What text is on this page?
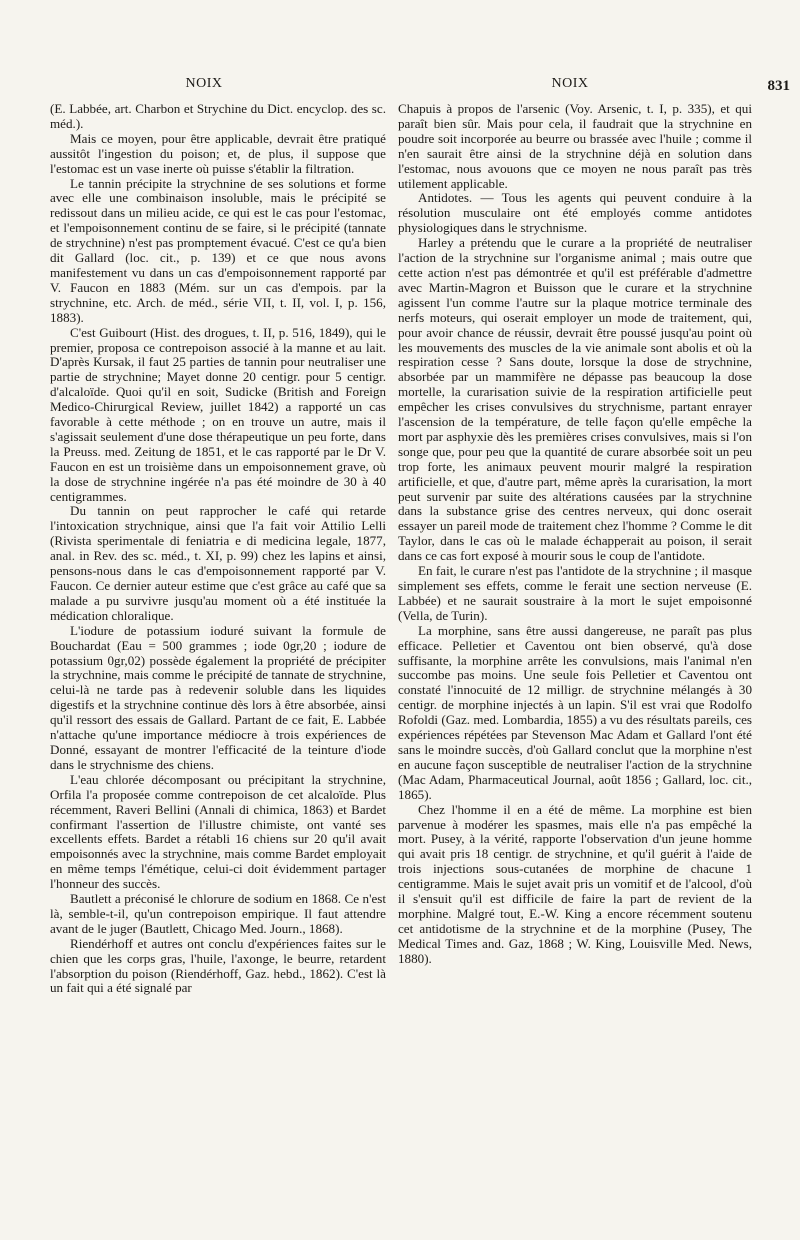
NOIX	NOIX	831

(E. Labbée, art. Charbon et Strychine du Dict. encyclop. des sc. méd.).

Mais ce moyen, pour être applicable, devrait être pratiqué aussitôt l'ingestion du poison; et, de plus, il suppose que l'estomac est un vase inerte où puisse s'établir la filtration.

Le tannin précipite la strychnine de ses solutions et forme avec elle une combinaison insoluble, mais le précipité se redissout dans un milieu acide, ce qui est le cas pour l'estomac, et l'empoisonnement continu de se faire, si le précipité (tannate de strychnine) n'est pas promptement évacué. C'est ce qu'a bien dit Gallard (loc. cit., p. 139) et ce que nous avons manifestement vu dans un cas d'empoisonnement rapporté par V. Faucon en 1883 (Mém. sur un cas d'empois. par la strychnine, etc. Arch. de méd., série VII, t. II, vol. I, p. 156, 1883).

C'est Guibourt (Hist. des drogues, t. II, p. 516, 1849), qui le premier, proposa ce contrepoison associé à la manne et au lait. D'après Kursak, il faut 25 parties de tannin pour neutraliser une partie de strychnine; Mayet donne 20 centigr. pour 5 centigr. d'alcaloïde. Quoi qu'il en soit, Sudicke (British and Foreign Medico-Chirurgical Review, juillet 1842) a rapporté un cas favorable à cette méthode ; on en trouve un autre, mais il s'agissait seulement d'une dose thérapeutique un peu forte, dans la Preuss. med. Zeitung de 1851, et le cas rapporté par le Dr V. Faucon en est un troisième dans un empoisonnement grave, où la dose de strychnine ingérée n'a pas été moindre de 30 à 40 centigrammes.

Du tannin on peut rapprocher le café qui retarde l'intoxication strychnique, ainsi que l'a fait voir Attilio Lelli (Rivista sperimentale di feniatria e di medicina legale, 1877, anal. in Rev. des sc. méd., t. XI, p. 99) chez les lapins et ainsi, pensons-nous dans le cas d'empoisonnement rapporté par V. Faucon. Ce dernier auteur estime que c'est grâce au café que sa malade a pu survivre jusqu'au moment où a été instituée la médication chloralique.

L'iodure de potassium ioduré suivant la formule de Bouchardat (Eau = 500 grammes ; iode 0gr,20 ; iodure de potassium 0gr,02) possède également la propriété de précipiter la strychnine, mais comme le précipité de tannate de strychnine, celui-là ne tarde pas à redevenir soluble dans les liquides digestifs et la strychnine continue dès lors à être absorbée, ainsi qu'il ressort des essais de Gallard. Partant de ce fait, E. Labbée n'attache qu'une importance médiocre à trois expériences de Donné, essayant de montrer l'efficacité de la teinture d'iode dans le strychnisme des chiens.

L'eau chlorée décomposant ou précipitant la strychnine, Orfila l'a proposée comme contrepoison de cet alcaloïde. Plus récemment, Raveri Bellini (Annali di chimica, 1863) et Bardet confirmant l'assertion de l'illustre chimiste, ont vanté ses excellents effets. Bardet a rétabli 16 chiens sur 20 qu'il avait empoisonnés avec la strychnine, mais comme Bardet employait en même temps l'émétique, celui-ci doit évidemment partager l'honneur des succès.

Bautlett a préconisé le chlorure de sodium en 1868. Ce n'est là, semble-t-il, qu'un contrepoison empirique. Il faut attendre avant de le juger (Bautlett, Chicago Med. Journ., 1868).

Riendérhoff et autres ont conclu d'expériences faites sur le chien que les corps gras, l'huile, l'axonge, le beurre, retardent l'absorption du poison (Riendérhoff, Gaz. hebd., 1862). C'est là un fait qui a été signalé par

Chapuis à propos de l'arsenic (Voy. Arsenic, t. I, p. 335), et qui paraît bien sûr. Mais pour cela, il faudrait que la strychnine en poudre soit incorporée au beurre ou brassée avec l'huile ; comme il n'en saurait être ainsi de la strychnine déjà en solution dans l'estomac, nous avouons que ce moyen ne nous paraît pas très utilement applicable.

Antidotes. — Tous les agents qui peuvent conduire à la résolution musculaire ont été employés comme antidotes physiologiques dans le strychnisme.

Harley a prétendu que le curare a la propriété de neutraliser l'action de la strychnine sur l'organisme animal ; mais outre que cette action n'est pas démontrée et qu'il est préférable d'admettre avec Martin-Magron et Buisson que le curare et la strychnine agissent l'un comme l'autre sur la plaque motrice terminale des nerfs moteurs, qui oserait employer un mode de traitement, qui, pour avoir chance de réussir, devrait être poussé jusqu'au point où les mouvements des muscles de la vie animale sont abolis et où la respiration cesse ? Sans doute, lorsque la dose de strychnine, absorbée par un mammifère ne dépasse pas beaucoup la dose mortelle, la curarisation suivie de la respiration artificielle peut empêcher les crises convulsives du strychnisme, partant enrayer l'ascension de la température, de telle façon qu'elle empêche la mort par asphyxie dès les premières crises convulsives, mais si l'on songe que, pour peu que la quantité de curare absorbée soit un peu trop forte, les animaux peuvent mourir malgré la respiration artificielle, et que, d'autre part, même après la curarisation, la mort peut survenir par suite des altérations causées par la strychnine dans la substance grise des centres nerveux, qui donc oserait essayer un pareil mode de traitement chez l'homme ? Comme le dit Taylor, dans le cas où le malade échapperait au poison, il serait dans ce cas fort exposé à mourir sous le coup de l'antidote.

En fait, le curare n'est pas l'antidote de la strychnine ; il masque simplement ses effets, comme le ferait une section nerveuse (E. Labbée) et ne saurait soustraire à la mort le sujet empoisonné (Vella, de Turin).

La morphine, sans être aussi dangereuse, ne paraît pas plus efficace. Pelletier et Caventou ont bien observé, qu'à dose suffisante, la morphine arrête les convulsions, mais l'animal n'en succombe pas moins. Une seule fois Pelletier et Caventou ont constaté l'innocuité de 12 milligr. de strychnine mélangés à 30 centigr. de morphine injectés à un lapin. S'il est vrai que Rodolfo Rofoldi (Gaz. med. Lombardia, 1855) a vu des résultats pareils, ces expériences répétées par Stevenson Mac Adam et Gallard l'ont été sans le moindre succès, d'où Gallard conclut que la morphine n'est en aucune façon susceptible de neutraliser l'action de la strychnine (Mac Adam, Pharmaceutical Journal, août 1856 ; Gallard, loc. cit., 1865).

Chez l'homme il en a été de même. La morphine est bien parvenue à modérer les spasmes, mais elle n'a pas empêché la mort. Pusey, à la vérité, rapporte l'observation d'un jeune homme qui avait pris 18 centigr. de strychnine, et qu'il guérit à l'aide de trois injections sous-cutanées de morphine de chacune 1 centigramme. Mais le sujet avait pris un vomitif et de l'alcool, d'où il s'ensuit qu'il est difficile de faire la part de revient de la morphine. Malgré tout, E.-W. King a encore récemment soutenu cet antidotisme de la strychnine et de la morphine (Pusey, The Medical Times and. Gaz, 1868 ; W. King, Louisville Med. News, 1880).
